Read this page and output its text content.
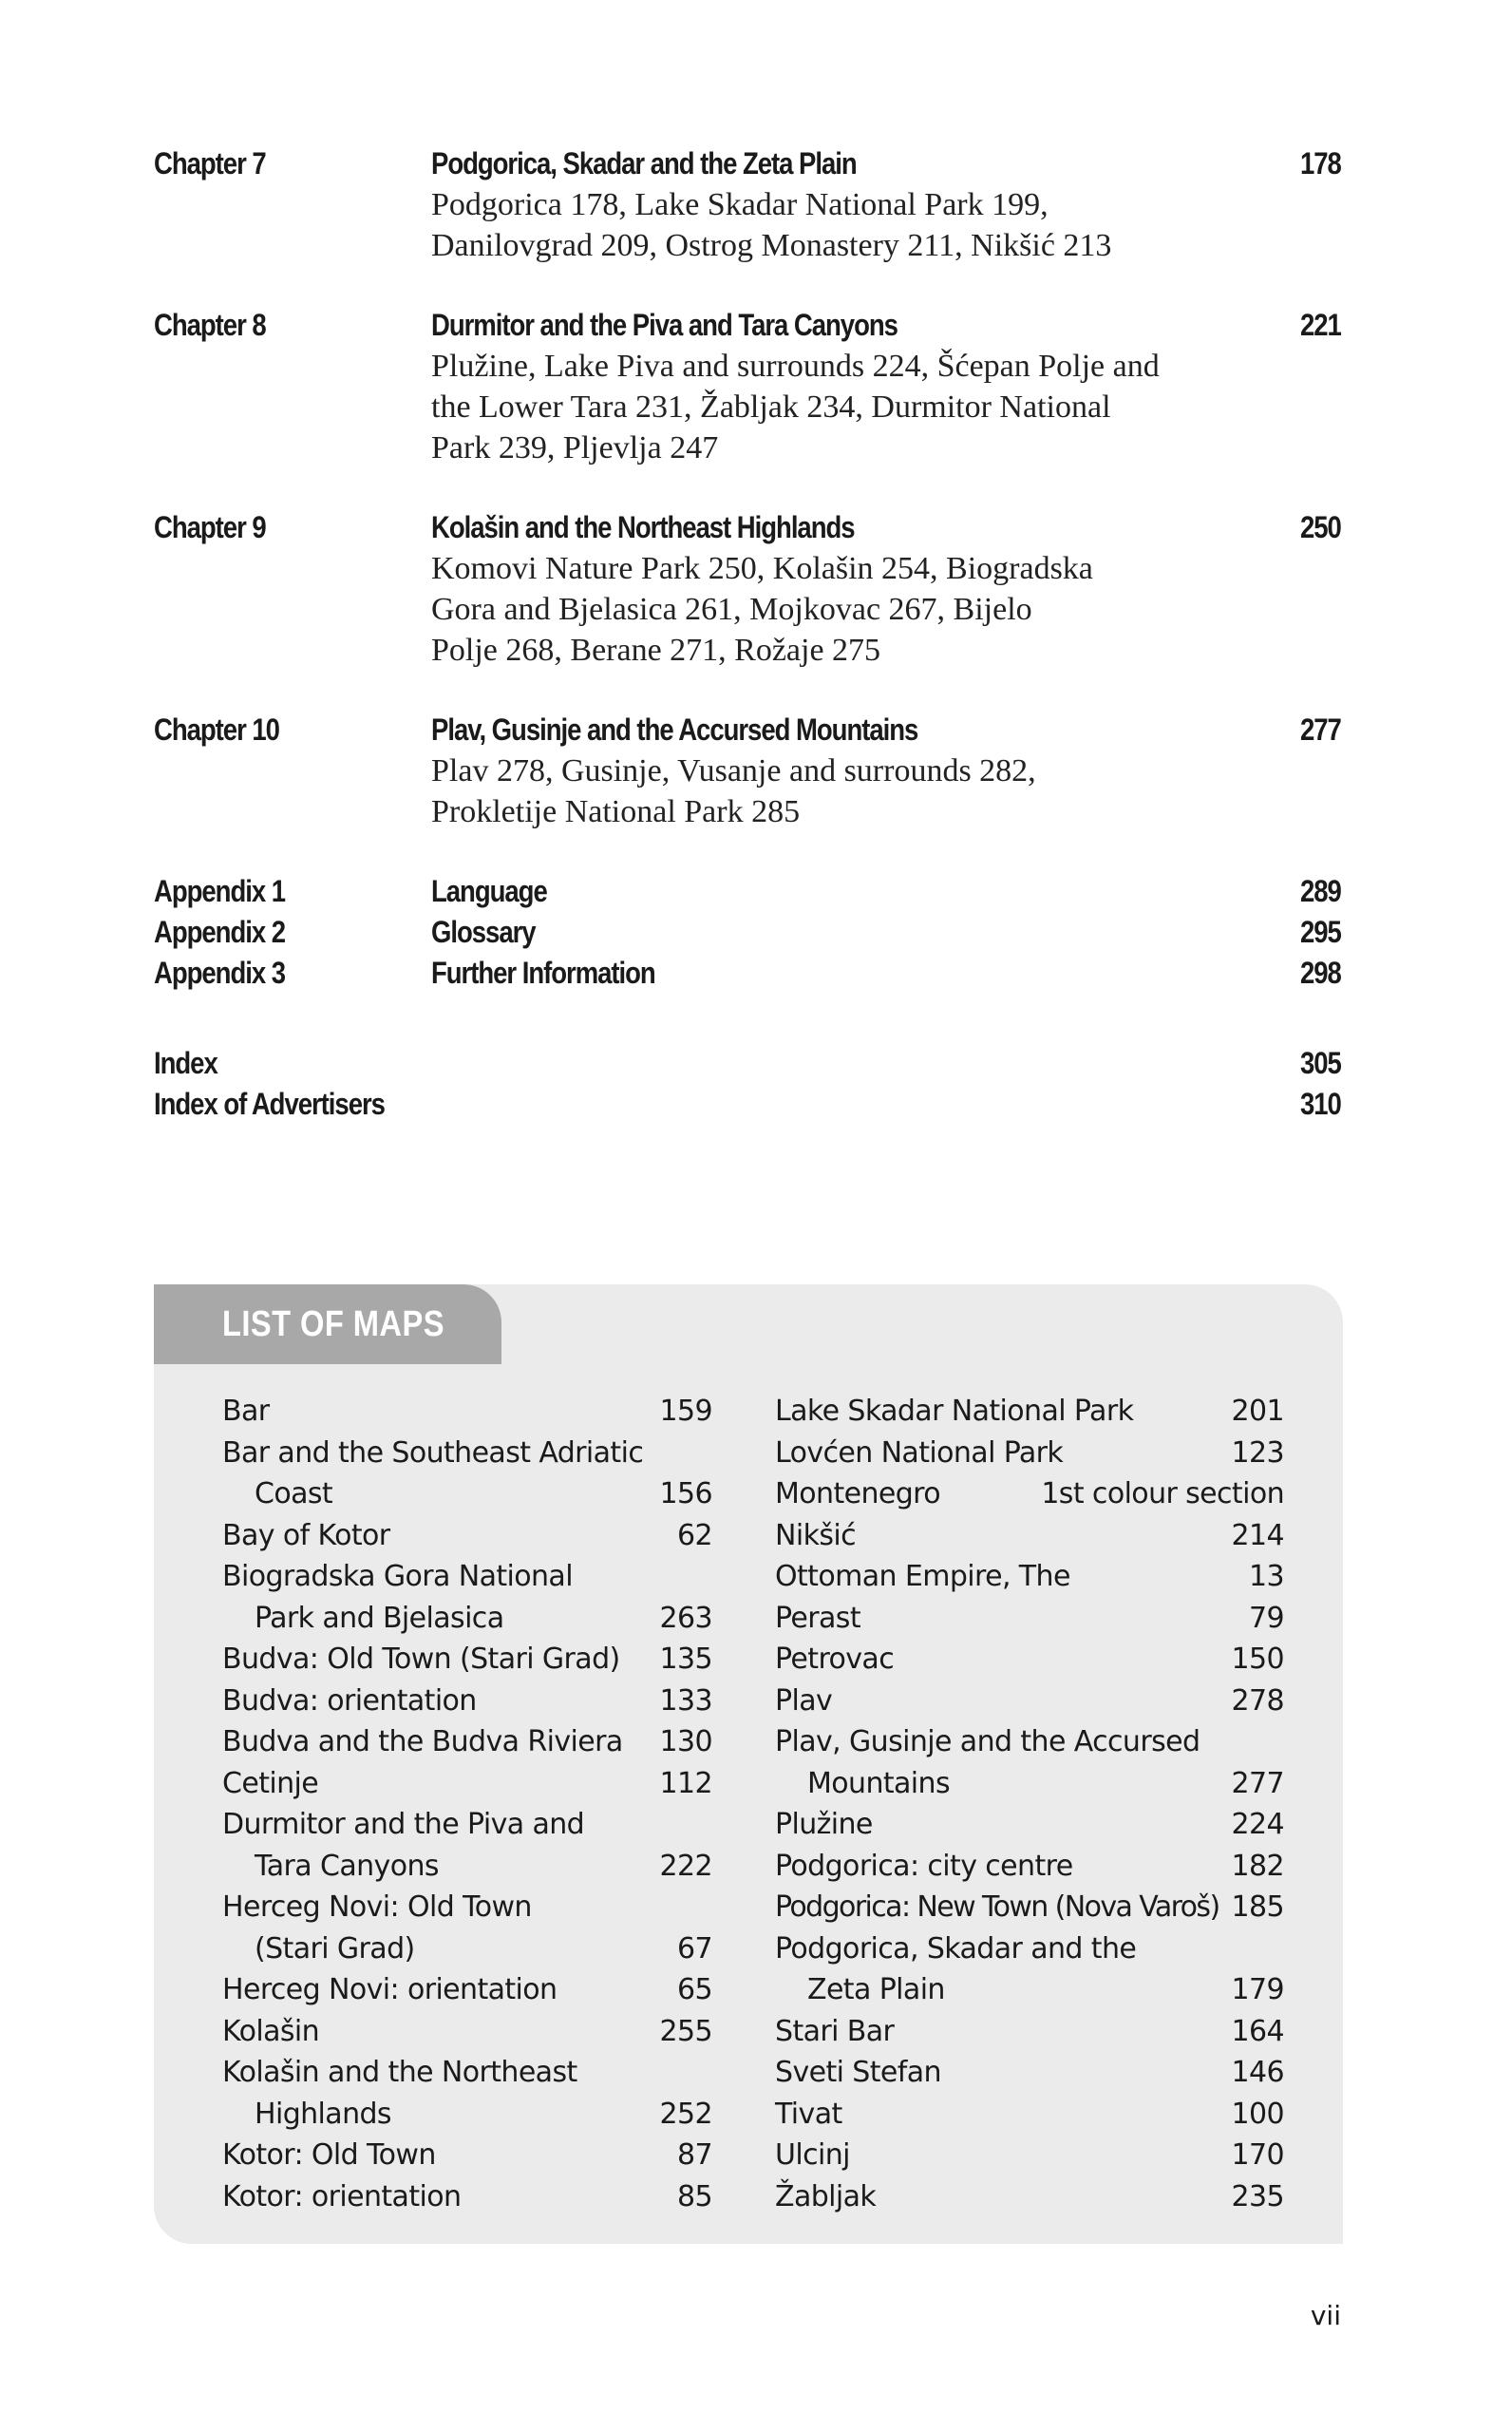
Chapter 7	Podgorica, Skadar and the Zeta Plain	178
Podgorica 178, Lake Skadar National Park 199,
Danilovgrad 209, Ostrog Monastery 211, Nikšić 213
Chapter 8	Durmitor and the Piva and Tara Canyons	221
Plužine, Lake Piva and surrounds 224, Šćepan Polje and
the Lower Tara 231, Žabljak 234, Durmitor National
Park 239, Pljevlja 247
Chapter 9	Kolašin and the Northeast Highlands	250
Komovi Nature Park 250, Kolašin 254, Biogradska
Gora and Bjelasica 261, Mojkovac 267, Bijelo
Polje 268, Berane 271, Rožaje 275
Chapter 10	Plav, Gusinje and the Accursed Mountains	277
Plav 278, Gusinje, Vusanje and surrounds 282,
Prokletije National Park 285
Appendix 1	Language	289
Appendix 2	Glossary	295
Appendix 3	Further Information	298
Index	305
Index of Advertisers	310
LIST OF MAPS
Bar	159
Bar and the Southeast Adriatic
Coast	156
Bay of Kotor	62
Biogradska Gora National
Park and Bjelasica	263
Budva: Old Town (Stari Grad)	135
Budva: orientation	133
Budva and the Budva Riviera	130
Cetinje	112
Durmitor and the Piva and
Tara Canyons	222
Herceg Novi: Old Town
(Stari Grad)	67
Herceg Novi: orientation	65
Kolašin	255
Kolašin and the Northeast
Highlands	252
Kotor: Old Town	87
Kotor: orientation	85
Lake Skadar National Park	201
Lovćen National Park	123
Montenegro	1st colour section
Nikšić	214
Ottoman Empire, The	13
Perast	79
Petrovac	150
Plav	278
Plav, Gusinje and the Accursed
Mountains	277
Plužine	224
Podgorica: city centre	182
Podgorica: New Town (Nova Varoš) 185
Podgorica, Skadar and the
Zeta Plain	179
Stari Bar	164
Sveti Stefan	146
Tivat	100
Ulcinj	170
Žabljak	235
vii
